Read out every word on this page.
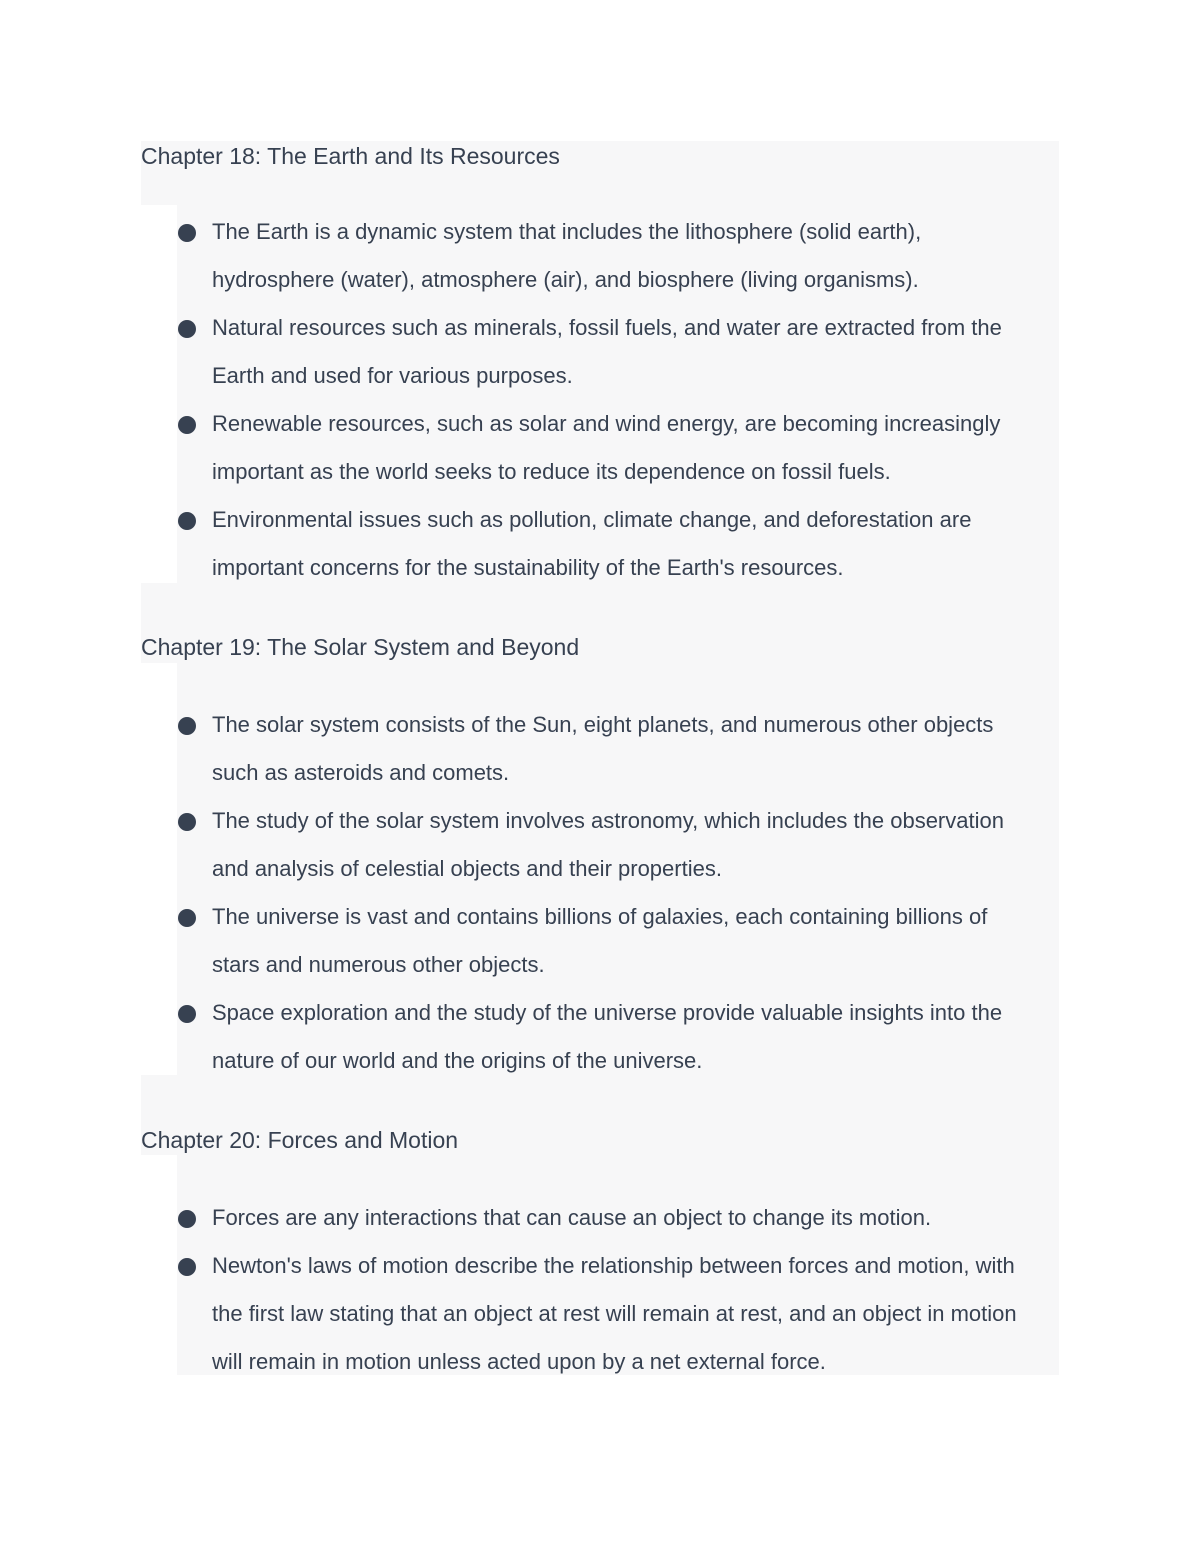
Chapter 18: The Earth and Its Resources
The Earth is a dynamic system that includes the lithosphere (solid earth), hydrosphere (water), atmosphere (air), and biosphere (living organisms).
Natural resources such as minerals, fossil fuels, and water are extracted from the Earth and used for various purposes.
Renewable resources, such as solar and wind energy, are becoming increasingly important as the world seeks to reduce its dependence on fossil fuels.
Environmental issues such as pollution, climate change, and deforestation are important concerns for the sustainability of the Earth's resources.
Chapter 19: The Solar System and Beyond
The solar system consists of the Sun, eight planets, and numerous other objects such as asteroids and comets.
The study of the solar system involves astronomy, which includes the observation and analysis of celestial objects and their properties.
The universe is vast and contains billions of galaxies, each containing billions of stars and numerous other objects.
Space exploration and the study of the universe provide valuable insights into the nature of our world and the origins of the universe.
Chapter 20: Forces and Motion
Forces are any interactions that can cause an object to change its motion.
Newton's laws of motion describe the relationship between forces and motion, with the first law stating that an object at rest will remain at rest, and an object in motion will remain in motion unless acted upon by a net external force.
